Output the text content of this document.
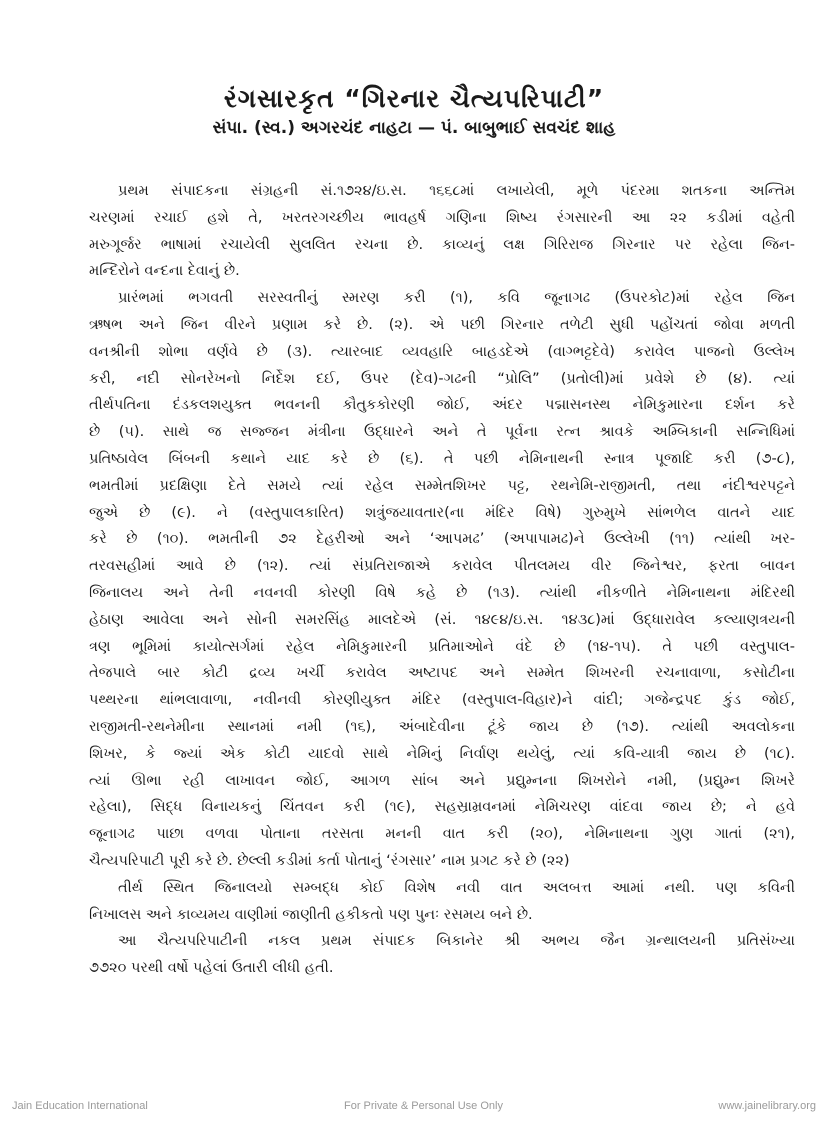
રંગસારકૃત “ગિરનાર ચૈત્યપરિપાટી”
સંપા. (સ્વ.) અગરચંદ નાહટા — પં. બાબુભાઈ સવચંદ શાહ
પ્રથમ સંપાદકના સંગ્રહની સં.૧૭૨૪/ઇ.સ. ૧૬૬૮માં લખાયેલી, મૂળે પંદરમા શતકના અન્તિમ
ચરણમાં રચાઈ હશે તે, ખરતરગચ્છીય ભાવહર્ષ ગણિના શિષ્ય રંગસારની આ ૨૨ કડીમાં વહેતી
મરુગૂર્જર ભાષામાં રચાયેલી સુલલિત રચના છે. કાવ્યનું લક્ષ ગિરિરાજ ગિરનાર પર રહેલા જિન-
મન્દિરોને વન્દના દેવાનું છે.
પ્રારંભમાં ભગવતી સરસ્વતીનું સ્મરણ કરી (૧), કવિ જૂનાગઢ (ઉપરકોટ)માં રહેલ જિન
ઋષભ અને જિન વીરને પ્રણામ કરે છે. (૨). એ પછી ગિરનાર તળેટી સુધી પહોંચતાં જોવા મળતી
વનશ્રીની શોભા વર્ણવે છે (૩). ત્યારબાદ વ્યવહારિ બાહડદેએ (વાગ્ભટ્ટદેવે) કરાવેલ પાજનો ઉલ્લેખ
કરી, નદી સોનરેખનો નિર્દેશ દઈ, ઉપર (દેવ)-ગઢની “પ્રોલિ” (પ્રતોલી)માં પ્રવેશે છે (૪). ત્યાં
તીર્થપતિના દંડકલશયુક્ત ભવનની કૌતુકકોરણી જોઈ, અંદર પદ્માસનસ્થ નેમિકુમારના દર્શન કરે
છે (૫). સાથે જ સજ્જન મંત્રીના ઉદ્ધારને અને તે પૂર્વના રત્ન શ્રાવકે અમ્બિકાની સન્નિધિમાં
પ્રતિષ્ઠાવેલ બિંબની કથાને યાદ કરે છે (૬). તે પછી નેમિનાથની સ્નાત્ર પૂજાદિ કરી (૭-૮),
ભમતીમાં પ્રદક્ષિણા દેતે સમયે ત્યાં રહેલ સમ્મેતશિખર પટ્ટ, રથનેમિ-રાજીમતી, તથા નંદીશ્વરપટ્ટને
જુએ છે (૯). ને (વસ્તુપાલકારિત) શત્રુંજયાવતાર(ના મંદિર વિષે) ગુરુમુખે સાંભળેલ વાતને યાદ
કરે છે (૧૦). ભમતીની ૭૨ દેહરીઓ અને ‘આપમઢ’ (અપાપામઢ)ને ઉલ્લેખી (૧૧) ત્યાંથી ખર-
તરવસહીમાં આવે છે (૧૨). ત્યાં સંપ્રતિરાજાએ કરાવેલ પીતલમય વીર જિનેશ્વર, ફરતા બાવન
જિનાલય અને તેની નવનવી કોરણી વિષે કહે છે (૧૩). ત્યાંથી નીકળીતે નેમિનાથના મંદિરથી
હેઠાણ આવેલા અને સોની સમરસિંહ માલદેએ (સં. ૧૪૯૪/ઇ.સ. ૧૪૩૮)માં ઉદ્ધારાવેલ કલ્યાણત્રયની
ત્રણ ભૂમિમાં કાયોત્સર્ગમાં રહેલ નેમિકુમારની પ્રતિમાઓને વંદે છે (૧૪-૧૫). તે પછી વસ્તુપાલ-
તેજપાલે બાર કોટી દ્રવ્ય ખર્ચી કરાવેલ અષ્ટાપદ અને સમ્મેત શિખરની રચનાવાળા, કસોટીના
પથ્થરના થાંભલાવાળા, નવીનવી કોરણીયુક્ત મંદિર (વસ્તુપાલ-વિહાર)ને વાંદી; ગજેન્દ્રપદ કુંડ જોઈ,
રાજીમતી-રથનેમીના સ્થાનમાં નમી (૧૬), અંબાદેવીના ટૂંકે જાય છે (૧૭). ત્યાંથી અવલોકના
શિખર, કે જ્યાં એક કોટી યાદવો સાથે નેમિનું નિર્વાણ થયેલું, ત્યાં કવિ-યાત્રી જાય છે (૧૮).
ત્યાં ઊભા રહી લાખાવન જોઈ, આગળ સાંબ અને પ્રદ્યુમ્નના શિખરોને નમી, (પ્રદ્યુમ્ન શિખરે
રહેલા), સિદ્ધ વિનાયકનું ચિંતવન કરી (૧૯), સહસ્રામ્રવનમાં નેમિચરણ વાંદવા જાય છે; ને હવે
જૂનાગઢ પાછા વળવા પોતાના તરસતા મનની વાત કરી (૨૦), નેમિનાથના ગુણ ગાતાં (૨૧),
ચૈત્યપરિપાટી પૂરી કરે છે. છેલ્લી કડીમાં કર્તા પોતાનું ‘રંગસાર’ નામ પ્રગટ કરે છે (૨૨)
તીર્થ સ્થિત જિનાલયો સમ્બદ્ધ કોઈ વિશેષ નવી વાત અલબત્ત આમાં નથી. પણ કવિની
નિખાલસ અને કાવ્યમય વાણીમાં જાણીતી હકીકતો પણ પુનઃ રસમય બને છે.
આ ચૈત્યપરિપાટીની નકલ પ્રથમ સંપાદક બિકાનેર શ્રી અભય જૈન ગ્રન્થાલયની પ્રતિસંખ્યા
૭૭૨૦ પરથી વર્ષો પહેલાં ઉતારી લીધી હતી.
Jain Education International	For Private & Personal Use Only	www.jainelibrary.org
